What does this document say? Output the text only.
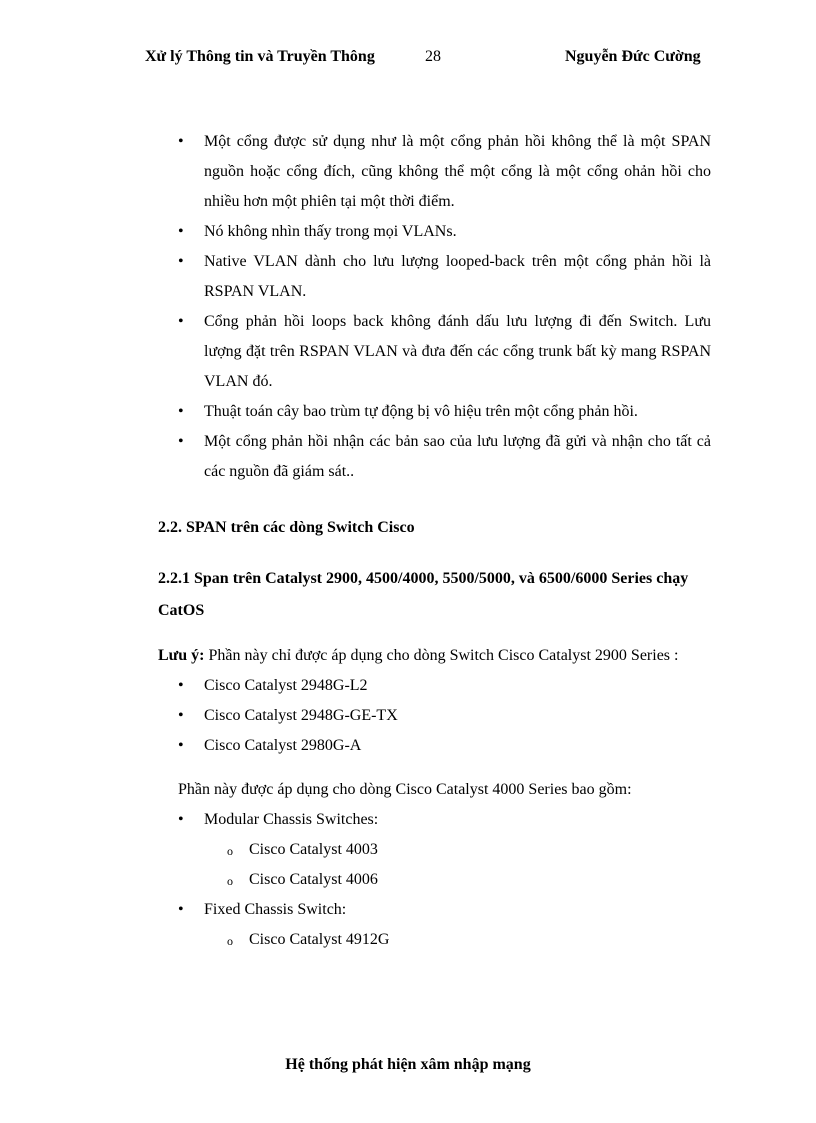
Xử lý Thông tin và Truyền Thông	28	Nguyễn Đức Cường
• Một cổng được sử dụng như là một cổng phản hồi không thể là một SPAN nguồn hoặc cổng đích, cũng không thể một cổng là một cổng ohản hồi cho nhiều hơn một phiên tại một thời điểm.
• Nó không nhìn thấy trong mọi VLANs.
• Native VLAN dành cho lưu lượng looped-back trên một cổng phản hồi là RSPAN VLAN.
• Cổng phản hồi loops back không đánh dấu lưu lượng đi đến Switch. Lưu lượng đặt trên RSPAN VLAN và đưa đến các cổng trunk bất kỳ mang RSPAN VLAN đó.
• Thuật toán cây bao trùm tự động bị vô hiệu trên một cổng phản hồi.
• Một cổng phản hồi nhận các bản sao của lưu lượng đã gửi và nhận cho tất cả các nguồn đã giám sát..
2.2. SPAN trên các dòng Switch Cisco
2.2.1 Span trên Catalyst 2900, 4500/4000, 5500/5000, và 6500/6000 Series chạy CatOS
Lưu ý: Phần này chỉ được áp dụng cho dòng Switch Cisco Catalyst 2900 Series :
• Cisco Catalyst 2948G-L2
• Cisco Catalyst 2948G-GE-TX
• Cisco Catalyst 2980G-A
Phần này được áp dụng cho dòng Cisco Catalyst 4000 Series bao gồm:
• Modular Chassis Switches:
o Cisco Catalyst 4003
o Cisco Catalyst 4006
• Fixed Chassis Switch:
o Cisco Catalyst 4912G
Hệ thống phát hiện xâm nhập mạng
